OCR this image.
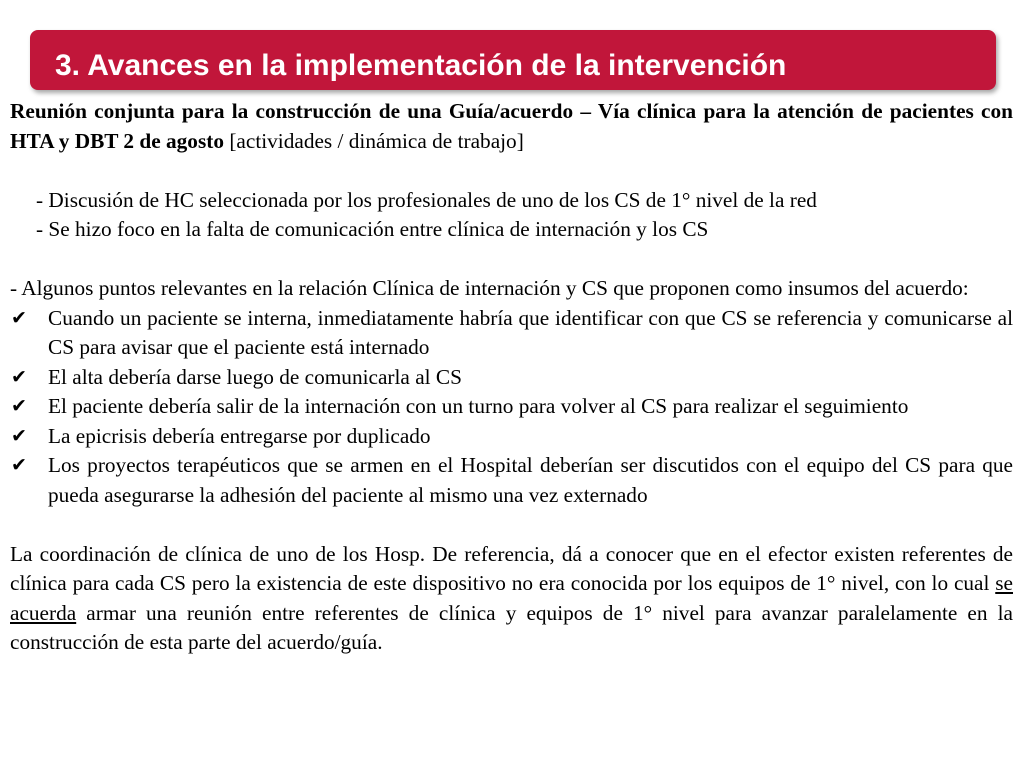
3. Avances en la implementación de la intervención

Reunión conjunta para la construcción de una Guía/acuerdo – Vía clínica para la atención de pacientes con HTA y DBT 2 de agosto [actividades / dinámica de trabajo]

- Discusión de HC seleccionada por los profesionales de uno de los CS de 1° nivel de la red

- Se hizo foco en la falta de comunicación entre clínica de internación y los CS

- Algunos puntos relevantes en la relación Clínica de internación y CS que proponen como insumos del acuerdo:

✔ Cuando un paciente se interna, inmediatamente habría que identificar con que CS se referencia y comunicarse al CS para avisar que el paciente está internado
✔ El alta debería darse luego de comunicarla al CS
✔ El paciente debería salir de la internación con un turno para volver al CS para realizar el seguimiento
✔ La epicrisis debería entregarse por duplicado
✔ Los proyectos terapéuticos que se armen en el Hospital deberían ser discutidos con el equipo del CS para que pueda asegurarse la adhesión del paciente al mismo una vez externado

La coordinación de clínica de uno de los Hosp. De referencia, dá a conocer que en el efector existen referentes de clínica para cada CS pero la existencia de este dispositivo no era conocida por los equipos de 1° nivel, con lo cual se acuerda armar una reunión entre referentes de clínica y equipos de 1° nivel para avanzar paralelamente en la construcción de esta parte del acuerdo/guía.
